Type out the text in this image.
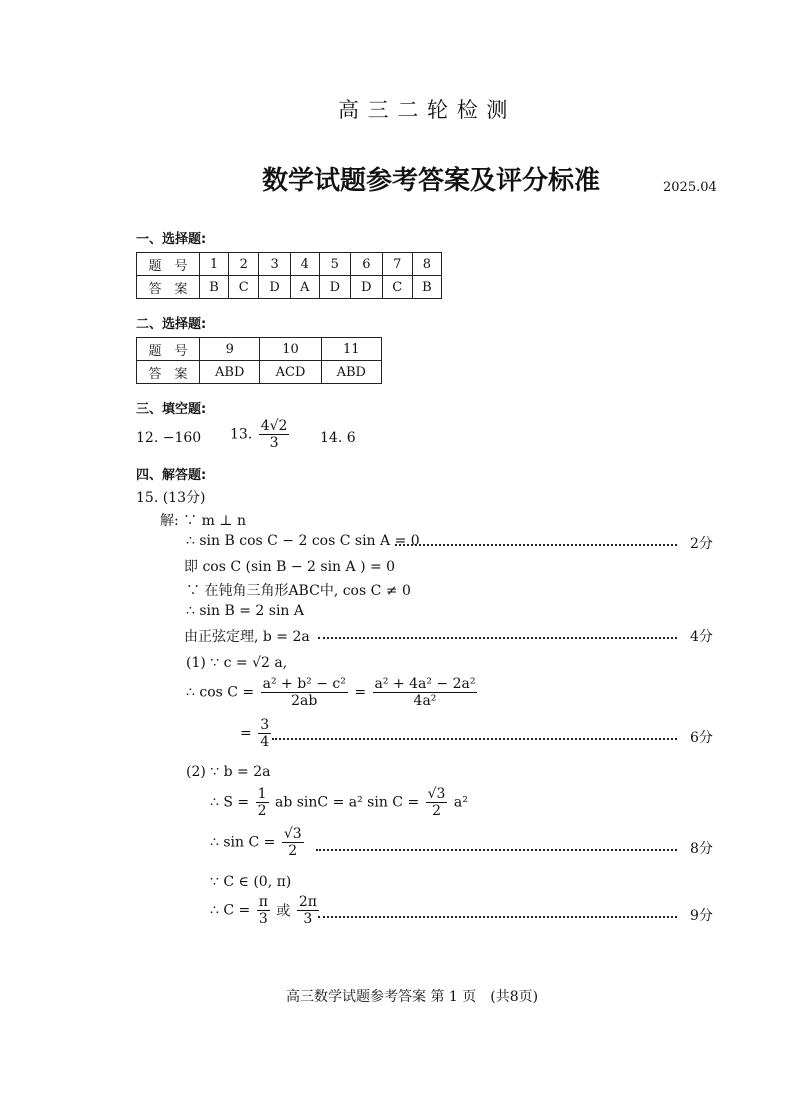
高 三 二 轮 检 测
数学试题参考答案及评分标准	2025.04
一、选择题:
题　号	1	2	3	4	5	6	7	8
答　案	B	C	D	A	D	D	C	B
二、选择题:
题　号	9	10	11
答　案	ABD	ACD	ABD
三、填空题:
12. −160 13. $\frac{4√2}{3} 14$. 6
四、解答题:
15. (13分)
解: ∵ m ⊥ n
∴ sin B cos C − 2 cos C sin A = 0	2分
即 cos C (sin B − 2 sin A ) = 0
∵ 在钝角三角形ABC中, cos C ≠ 0
∴ sin B = 2 sin A
由正弦定理, b = 2a	4分
(1) ∵ c = √2 a,
∴ $\cos C = \frac{\text{a² + b² − c²}}{2ab} = \frac{\text{a² + 4a² − 2a²}}{\text{4a²}}$
= $\frac{3}{4}$	6分
(2) ∵ b = 2a
∴ $S = \frac{1}{2}$ ab sinC = a² $\sin C = \frac{√3}{2} a^2$
∴ $\sin C = \frac{√3}{2}$	8分
∵ C ∈ (0, π)
∴ $C = \frac{\pi}{3}$ 或 $\frac{2\pi}{3}$	9分
高三数学试题参考答案 第 1 页　(共8页)
